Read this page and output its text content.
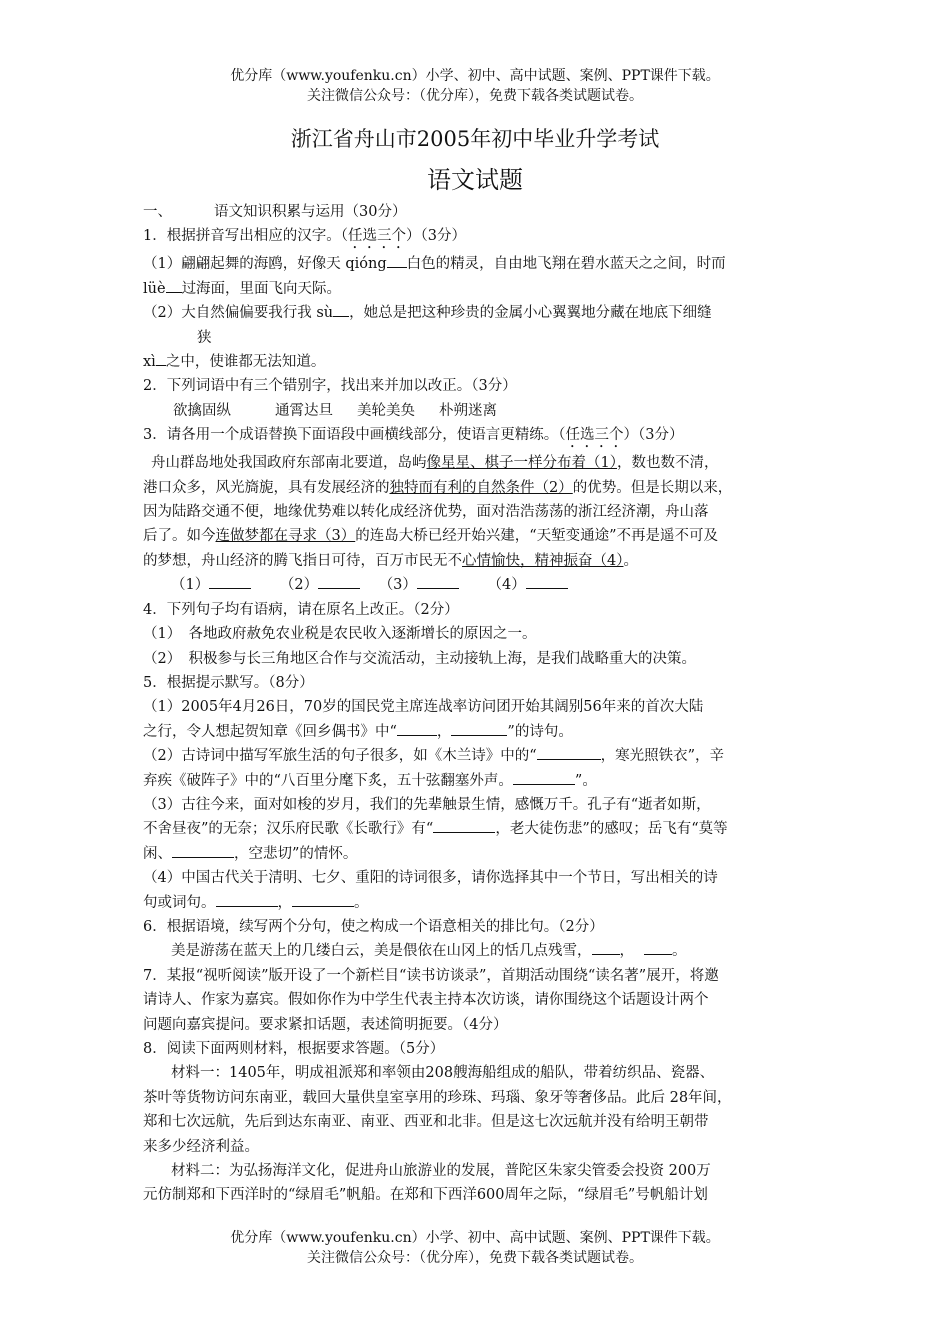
优分库（www.youfenku.cn）小学、初中、高中试题、案例、PPT课件下载。
关注微信公众号：（优分库），免费下载各类试题试卷。
浙江省舟山市2005年初中毕业升学考试
语文试题

一、	语文知识积累与运用（30分）

1．根据拼音写出相应的汉字。（任选三个）（3分）

（1）翩翩起舞的海鸥，好像天 qióng 白色的精灵，自由地飞翔在碧水蓝天之之间，时而

lüè 过海面，里面飞向天际。

（2）大自然偏偏要我行我 sù ，她总是把这种珍贵的金属小心翼翼地分藏在地底下细缝

狭

xì 之中，使谁都无法知道。

2．下列词语中有三个错别字，找出来并加以改正。（3分）

欲擒固纵	通霄达旦 美轮美奂 朴朔迷离

3．请各用一个成语替换下面语段中画横线部分，使语言更精练。（任选三个）（3分）

舟山群岛地处我国政府东部南北要道，岛屿像星星、棋子一样分布着（1），数也数不清，

港口众多，风光旖旎，具有发展经济的独特而有利的自然条件（2）的优势。但是长期以来，

因为陆路交通不便，地缘优势难以转化成经济优势，面对浩浩荡荡的浙江经济潮，舟山落

后了。如今连做梦都在寻求（3）的连岛大桥已经开始兴建，“天堑变通途”不再是遥不可及

的梦想，舟山经济的腾飞指日可待，百万市民无不心情愉快，精神振奋（4）。

（1）	（2）	（3）	（4）

4．下列句子均有语病，请在原名上改正。（2分）

（1）　各地政府赦免农业税是农民收入逐渐增长的原因之一。

（2）　积极参与长三角地区合作与交流活动，主动接轨上海，是我们战略重大的决策。

5．根据提示默写。（8分）

（1）2005年4月26日，70岁的国民党主席连战率访问团开始其阔别56年来的首次大陆

之行，令人想起贺知章《回乡偶书》中“	，	”的诗句。

（2）古诗词中描写军旅生活的句子很多，如《木兰诗》中的“	，寒光照铁衣”，辛

弃疾《破阵子》中的“八百里分麾下炙，五十弦翻塞外声。	”。

（3）古往今来，面对如梭的岁月，我们的先辈触景生情，感慨万千。孔子有“逝者如斯，

不舍昼夜”的无奈；汉乐府民歌《长歌行》有“	，老大徒伤悲”的感叹；岳飞有“莫等

闲、	，空悲切”的情怀。

（4）中国古代关于清明、七夕、重阳的诗词很多，请你选择其中一个节日，写出相关的诗

句或词句。	，	。

6．根据语境，续写两个分句，使之构成一个语意相关的排比句。（2分）

美是游荡在蓝天上的几缕白云，美是偎依在山冈上的恬几点残雪， ，	。

7．某报“视听阅读”版开设了一个新栏目“读书访谈录”，首期活动围绕“读名著”展开，将邀

请诗人、作家为嘉宾。假如你作为中学生代表主持本次访谈，请你围绕这个话题设计两个

问题向嘉宾提问。要求紧扣话题，表述简明扼要。（4分）

8．阅读下面两则材料，根据要求答题。（5分）

材料一：1405年，明成祖派郑和率领由208艘海船组成的船队，带着纺织品、瓷器、

茶叶等货物访问东南亚，载回大量供皇室享用的珍珠、玛瑙、象牙等奢侈品。此后 28年间，

郑和七次远航，先后到达东南亚、南亚、西亚和北非。但是这七次远航并没有给明王朝带

来多少经济利益。

材料二：为弘扬海洋文化，促进舟山旅游业的发展，普陀区朱家尖管委会投资 200万

元仿制郑和下西洋时的“绿眉毛”帆船。在郑和下西洋600周年之际，“绿眉毛”号帆船计划

优分库（www.youfenku.cn）小学、初中、高中试题、案例、PPT课件下载。
关注微信公众号：（优分库），免费下载各类试题试卷。
